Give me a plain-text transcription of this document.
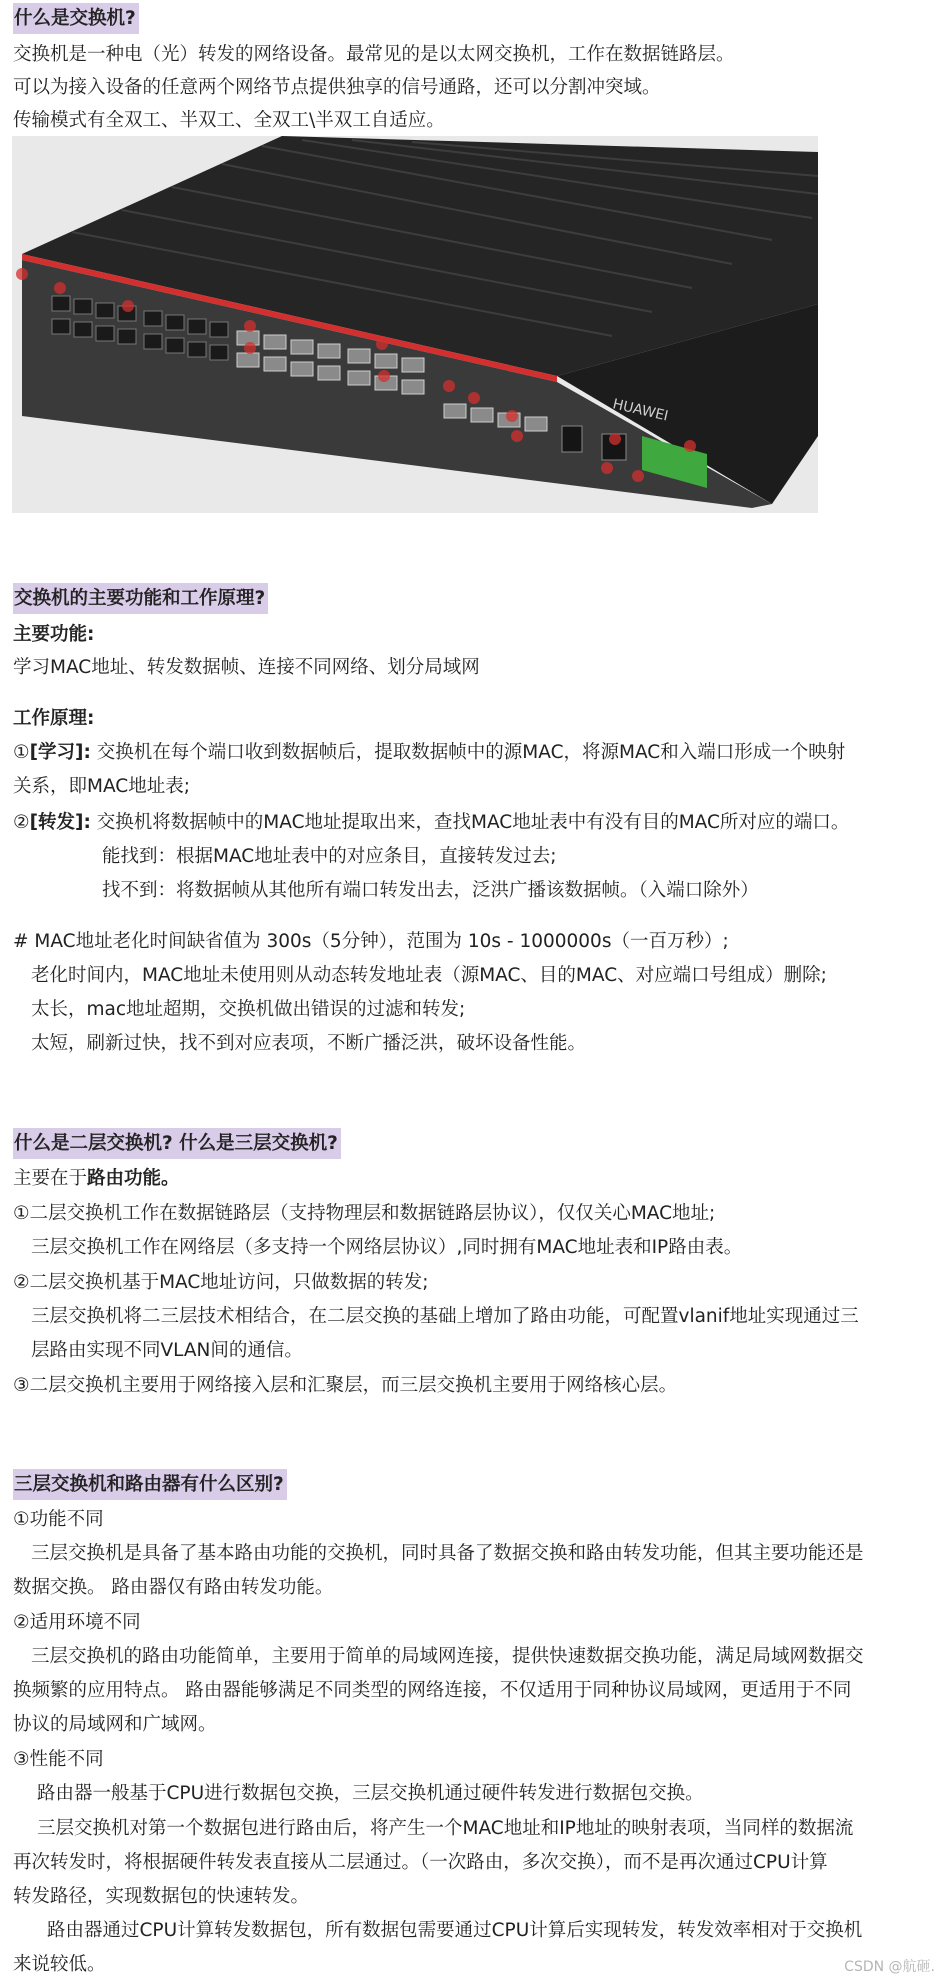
什么是交换机?
交换机是一种电（光）转发的网络设备。最常见的是以太网交换机，工作在数据链路层。
可以为接入设备的任意两个网络节点提供独享的信号通路，还可以分割冲突域。
传输模式有全双工、半双工、全双工\半双工自适应。
HUAWEI
交换机的主要功能和工作原理?
主要功能:
学习MAC地址、转发数据帧、连接不同网络、划分局域网
工作原理:
①[学习]: 交换机在每个端口收到数据帧后，提取数据帧中的源MAC，将源MAC和入端口形成一个映射
关系，即MAC地址表;
②[转发]: 交换机将数据帧中的MAC地址提取出来，查找MAC地址表中有没有目的MAC所对应的端口。
能找到：根据MAC地址表中的对应条目，直接转发过去;
找不到：将数据帧从其他所有端口转发出去，泛洪广播该数据帧。（入端口除外）
# MAC地址老化时间缺省值为 300s（5分钟），范围为 10s - 1000000s（一百万秒）;
老化时间内，MAC地址未使用则从动态转发地址表（源MAC、目的MAC、对应端口号组成）删除;
太长，mac地址超期，交换机做出错误的过滤和转发;
太短，刷新过快，找不到对应表项，不断广播泛洪，破坏设备性能。
什么是二层交换机? 什么是三层交换机?
主要在于路由功能。
①二层交换机工作在数据链路层（支持物理层和数据链路层协议），仅仅关心MAC地址;
三层交换机工作在网络层（多支持一个网络层协议）,同时拥有MAC地址表和IP路由表。
②二层交换机基于MAC地址访问，只做数据的转发;
三层交换机将二三层技术相结合，在二层交换的基础上增加了路由功能，可配置vlanif地址实现通过三
层路由实现不同VLAN间的通信。
③二层交换机主要用于网络接入层和汇聚层，而三层交换机主要用于网络核心层。
三层交换机和路由器有什么区别?
①功能不同
三层交换机是具备了基本路由功能的交换机，同时具备了数据交换和路由转发功能，但其主要功能还是
数据交换。 路由器仅有路由转发功能。
②适用环境不同
三层交换机的路由功能简单，主要用于简单的局域网连接，提供快速数据交换功能，满足局域网数据交
换频繁的应用特点。 路由器能够满足不同类型的网络连接，不仅适用于同种协议局域网，更适用于不同
协议的局域网和广域网。
③性能不同
路由器一般基于CPU进行数据包交换，三层交换机通过硬件转发进行数据包交换。
三层交换机对第一个数据包进行路由后，将产生一个MAC地址和IP地址的映射表项，当同样的数据流
再次转发时，将根据硬件转发表直接从二层通过。（一次路由，多次交换），而不是再次通过CPU计算
转发路径，实现数据包的快速转发。
路由器通过CPU计算转发数据包，所有数据包需要通过CPU计算后实现转发，转发效率相对于交换机
来说较低。	CSDN @航砸.
